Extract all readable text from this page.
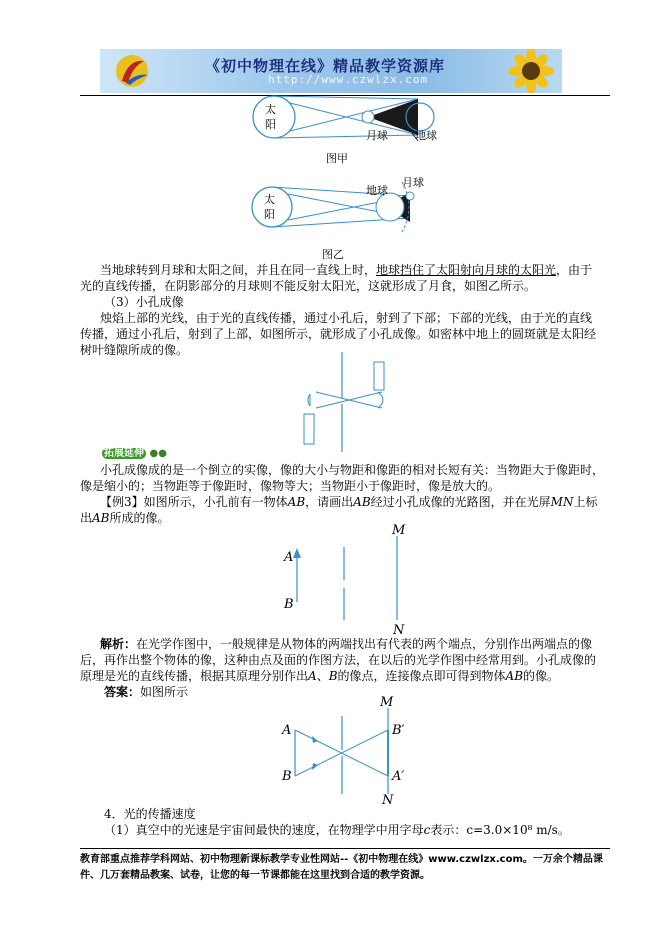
《初中物理在线》精品教学资源库
http://www.czwlzx.com
太
阳
月球 地球
图甲
太
阳
地球
月球
图乙
当地球转到月球和太阳之间，并且在同一直线上时，地球挡住了太阳射向月球的太阳光，由于
光的直线传播，在阴影部分的月球则不能反射太阳光，这就形成了月食，如图乙所示。
（3）小孔成像
烛焰上部的光线，由于光的直线传播，通过小孔后，射到了下部；下部的光线，由于光的直线
传播，通过小孔后，射到了上部，如图所示，就形成了小孔成像。如密林中地上的圆斑就是太阳经
树叶缝隙所成的像。
拓展延伸 ●●
小孔成像成的是一个倒立的实像，像的大小与物距和像距的相对长短有关：当物距大于像距时，
像是缩小的；当物距等于像距时，像物等大；当物距小于像距时，像是放大的。
【例3】如图所示，小孔前有一物体AB，请画出AB经过小孔成像的光路图，并在光屏MN上标
出AB所成的像。
M
N
A
B
解析：在光学作图中，一般规律是从物体的两端找出有代表的两个端点，分别作出两端点的像
后，再作出整个物体的像，这种由点及面的作图方法，在以后的光学作图中经常用到。小孔成像的
原理是光的直线传播，根据其原理分别作出A、B的像点，连接像点即可得到物体AB的像。
答案：如图所示
M
N
A
B
B′
A′
4．光的传播速度
（1）真空中的光速是宇宙间最快的速度，在物理学中用字母c表示：c=3.0×10⁸ m/s。
教育部重点推荐学科网站、初中物理新课标教学专业性网站--《初中物理在线》www.czwlzx.com。一万余个精品课
件、几万套精品教案、试卷，让您的每一节课都能在这里找到合适的教学资源。
